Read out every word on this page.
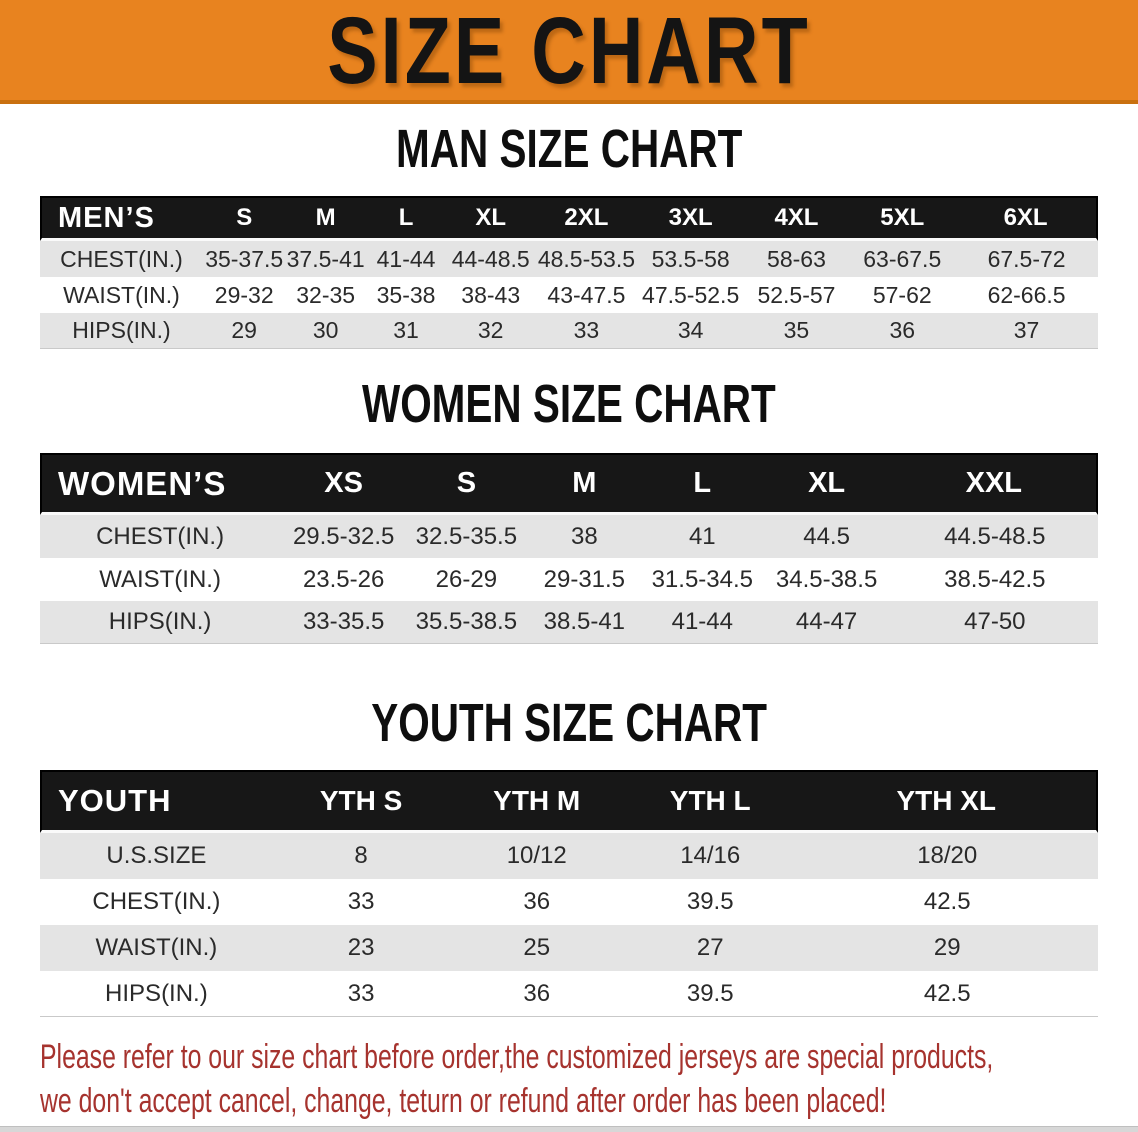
SIZE CHART
MAN SIZE CHART
MEN’S	S	M	L	XL	2XL	3XL	4XL	5XL	6XL
CHEST(IN.)	35-37.5	37.5-41	41-44	44-48.5	48.5-53.5	53.5-58	58-63	63-67.5	67.5-72
WAIST(IN.)	29-32	32-35	35-38	38-43	43-47.5	47.5-52.5	52.5-57	57-62	62-66.5
HIPS(IN.)	29	30	31	32	33	34	35	36	37
WOMEN SIZE CHART
WOMEN’S	XS	S	M	L	XL	XXL
CHEST(IN.)	29.5-32.5	32.5-35.5	38	41	44.5	44.5-48.5
WAIST(IN.)	23.5-26	26-29	29-31.5	31.5-34.5	34.5-38.5	38.5-42.5
HIPS(IN.)	33-35.5	35.5-38.5	38.5-41	41-44	44-47	47-50
YOUTH SIZE CHART
YOUTH	YTH S	YTH M	YTH L	YTH XL
U.S.SIZE	8	10/12	14/16	18/20
CHEST(IN.)	33	36	39.5	42.5
WAIST(IN.)	23	25	27	29
HIPS(IN.)	33	36	39.5	42.5
Please refer to our size chart before order,the customized jerseys are special products,
we don't accept cancel, change, teturn or refund after order has been placed!
